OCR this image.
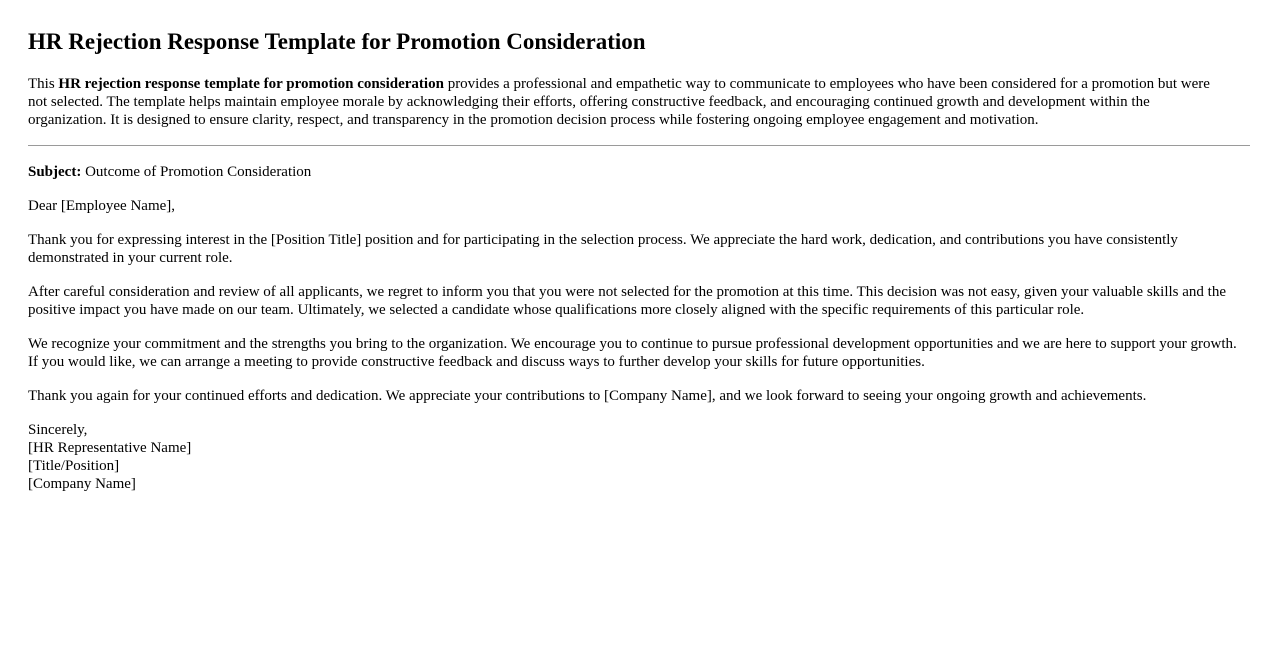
HR Rejection Response Template for Promotion Consideration

This HR rejection response template for promotion consideration provides a professional and empathetic way to communicate to employees who have been considered for a promotion but were not selected. The template helps maintain employee morale by acknowledging their efforts, offering constructive feedback, and encouraging continued growth and development within the organization. It is designed to ensure clarity, respect, and transparency in the promotion decision process while fostering ongoing employee engagement and motivation.

Subject: Outcome of Promotion Consideration

Dear [Employee Name],

Thank you for expressing interest in the [Position Title] position and for participating in the selection process. We appreciate the hard work, dedication, and contributions you have consistently demonstrated in your current role.

After careful consideration and review of all applicants, we regret to inform you that you were not selected for the promotion at this time. This decision was not easy, given your valuable skills and the positive impact you have made on our team. Ultimately, we selected a candidate whose qualifications more closely aligned with the specific requirements of this particular role.

We recognize your commitment and the strengths you bring to the organization. We encourage you to continue to pursue professional development opportunities and we are here to support your growth. If you would like, we can arrange a meeting to provide constructive feedback and discuss ways to further develop your skills for future opportunities.

Thank you again for your continued efforts and dedication. We appreciate your contributions to [Company Name], and we look forward to seeing your ongoing growth and achievements.

Sincerely,
[HR Representative Name]
[Title/Position]
[Company Name]
